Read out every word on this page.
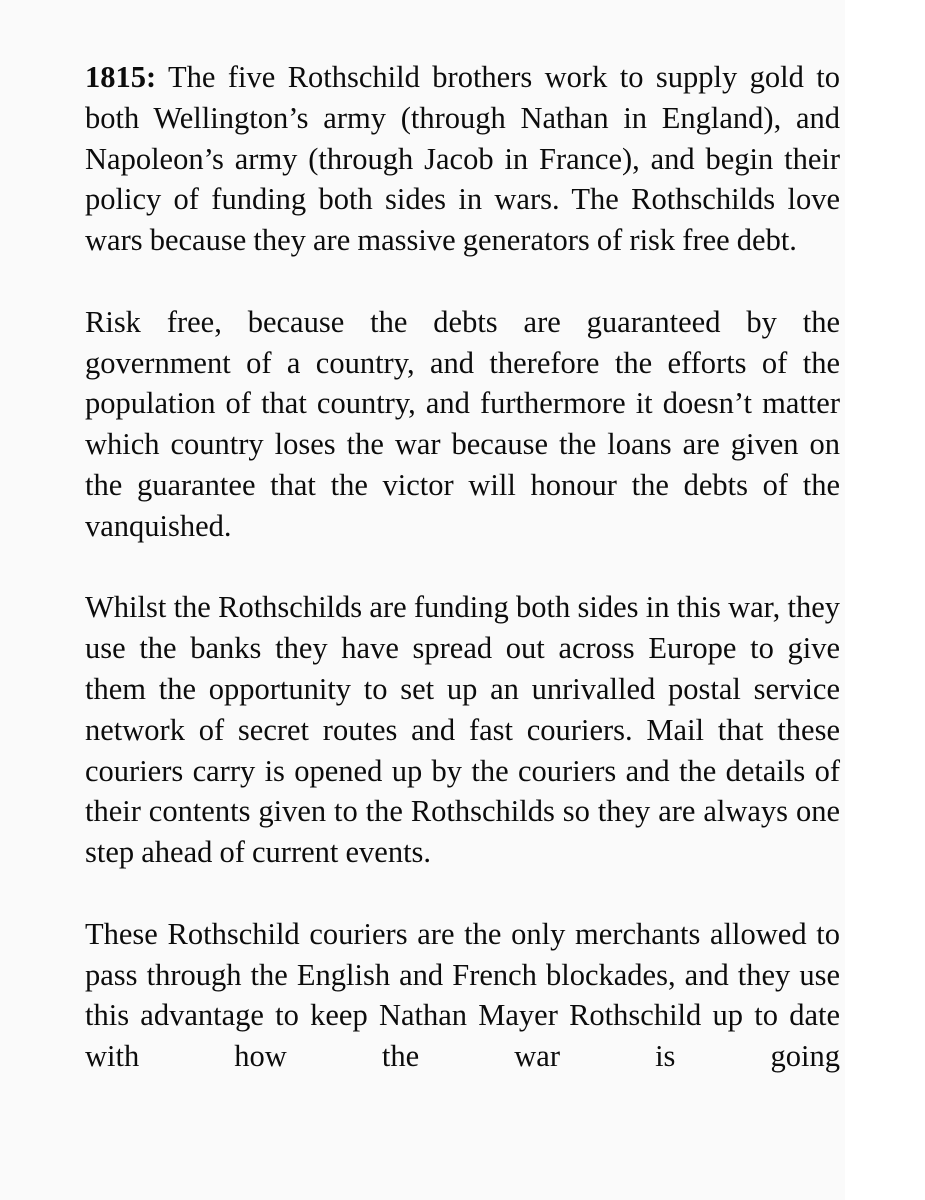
1815: The five Rothschild brothers work to supply gold to both Wellington’s army (through Nathan in England), and Napoleon’s army (through Jacob in France), and begin their policy of funding both sides in wars. The Rothschilds love wars because they are massive generators of risk free debt.

Risk free, because the debts are guaranteed by the government of a country, and therefore the efforts of the population of that country, and furthermore it doesn’t matter which country loses the war because the loans are given on the guarantee that the victor will honour the debts of the vanquished.

Whilst the Rothschilds are funding both sides in this war, they use the banks they have spread out across Europe to give them the opportunity to set up an unrivalled postal service network of secret routes and fast couriers. Mail that these couriers carry is opened up by the couriers and the details of their contents given to the Rothschilds so they are always one step ahead of current events.

These Rothschild couriers are the only merchants allowed to pass through the English and French blockades, and they use this advantage to keep Nathan Mayer Rothschild up to date with how the war is going
